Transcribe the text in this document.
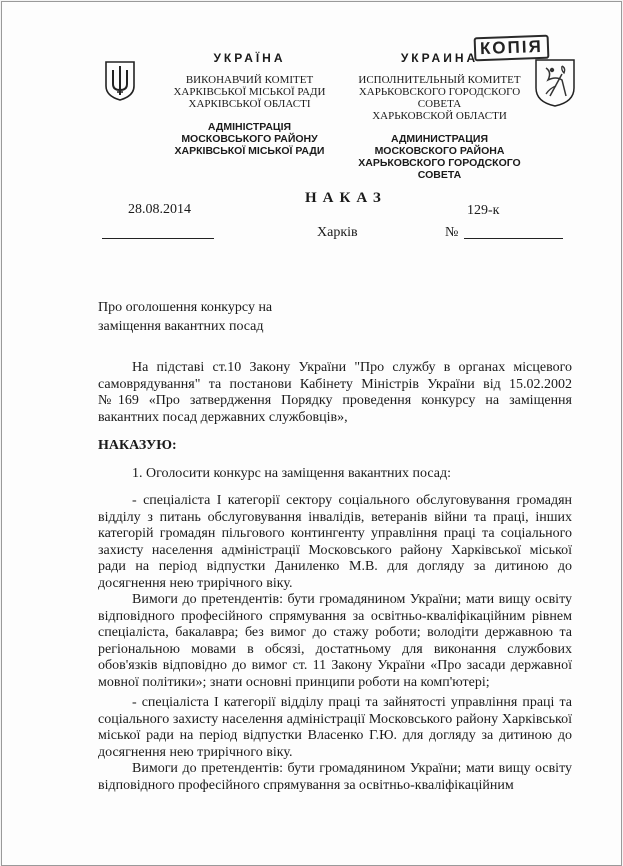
УКРАЇНА
ВИКОНАВЧИЙ КОМІТЕТ
ХАРКІВСЬКОЇ МІСЬКОЇ РАДИ
ХАРКІВСЬКОЇ ОБЛАСТІ
АДМІНІСТРАЦІЯ
МОСКОВСЬКОГО РАЙОНУ
ХАРКІВСЬКОЇ МІСЬКОЇ РАДИ
УКРАИНА
ИСПОЛНИТЕЛЬНЫЙ КОМИТЕТ
ХАРЬКОВСКОГО ГОРОДСКОГО СОВЕТА
ХАРЬКОВСКОЙ ОБЛАСТИ
АДМИНИСТРАЦИЯ
МОСКОВСКОГО РАЙОНА
ХАРЬКОВСКОГО ГОРОДСКОГО СОВЕТА
КОПІЯ
НАКАЗ
28.08.2014	129-к
Харків	№
Про оголошення конкурсу на
заміщення вакантних посад
На підставі ст.10 Закону України "Про службу в органах місцевого самоврядування" та постанови Кабінету Міністрів України від 15.02.2002 №169 «Про затвердження Порядку проведення конкурсу на заміщення вакантних посад державних службовців»,
НАКАЗУЮ:
1. Оголосити конкурс на заміщення вакантних посад:
- спеціаліста І категорії сектору соціального обслуговування громадян відділу з питань обслуговування інвалідів, ветеранів війни та праці, інших категорій громадян пільгового контингенту управління праці та соціального захисту населення адміністрації Московського району Харківської міської ради на період відпустки Даниленко М.В. для догляду за дитиною до досягнення нею трирічного віку.
Вимоги до претендентів: бути громадянином України; мати вищу освіту відповідного професійного спрямування за освітньо-кваліфікаційним рівнем спеціаліста, бакалавра; без вимог до стажу роботи; володіти державною та регіональною мовами в обсязі, достатньому для виконання службових обов'язків відповідно до вимог ст. 11 Закону України «Про засади державної мовної політики»; знати основні принципи роботи на комп'ютері;
- спеціаліста І категорії відділу праці та зайнятості управління праці та соціального захисту населення адміністрації Московського району Харківської міської ради на період відпустки Власенко Г.Ю. для догляду за дитиною до досягнення нею трирічного віку.
Вимоги до претендентів: бути громадянином України; мати вищу освіту відповідного професійного спрямування за освітньо-кваліфікаційним
